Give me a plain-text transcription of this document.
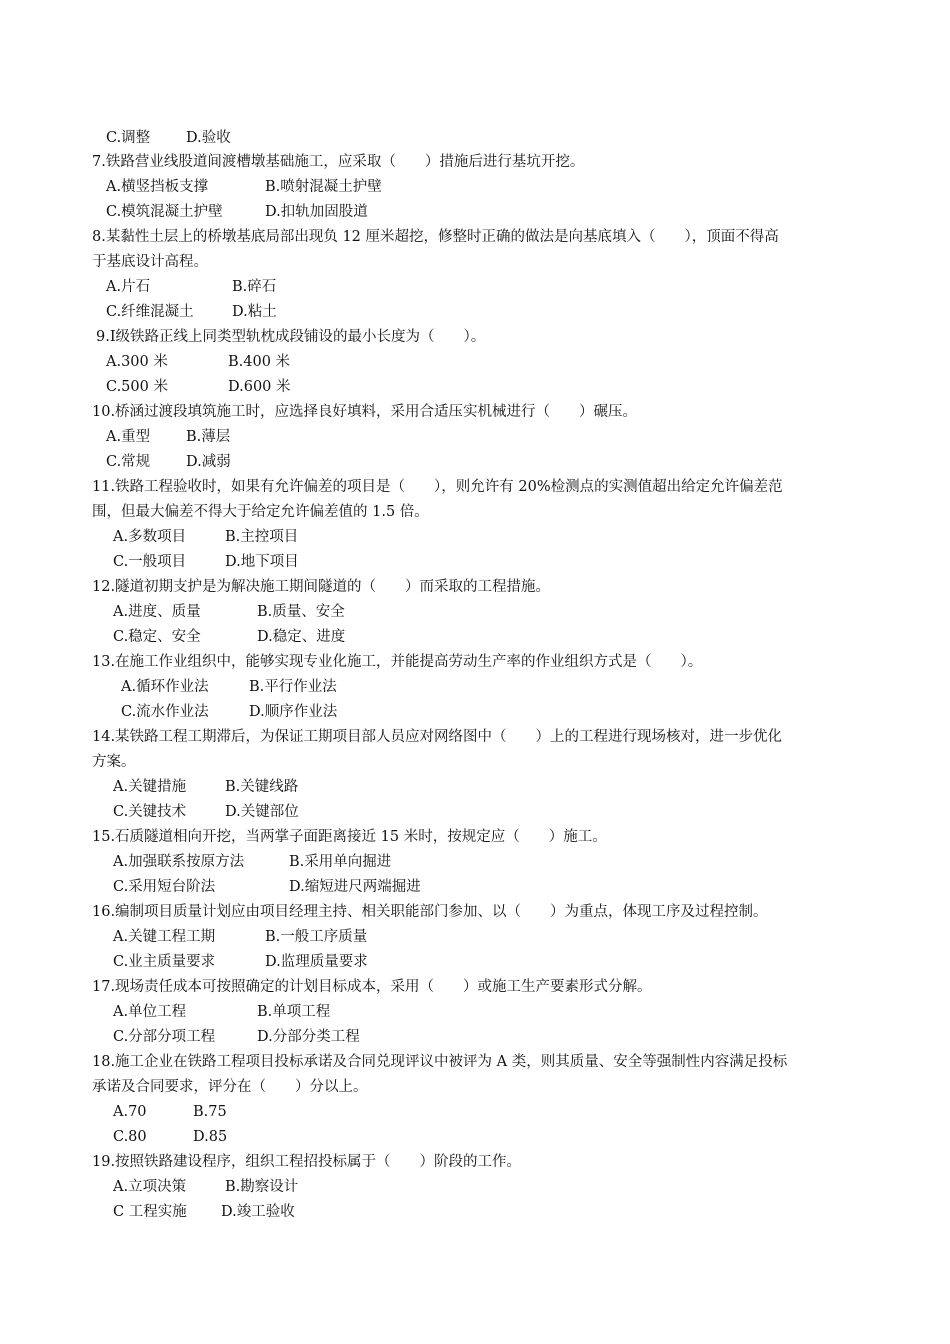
C.调整 D.验收
7.铁路营业线股道间渡槽墩基础施工，应采取（　　）措施后进行基坑开挖。
A.横竖挡板支撑	B.喷射混凝土护壁
C.模筑混凝土护壁	D.扣轨加固股道
8.某黏性土层上的桥墩基底局部出现负 12 厘米超挖，修整时正确的做法是向基底填入（　　），顶面不得高
于基底设计高程。
A.片石	B.碎石
C.纤维混凝土	D.粘土
9.Ⅰ级铁路正线上同类型轨枕成段铺设的最小长度为（　　）。
A.300 米	B.400 米
C.500 米	D.600 米
10.桥涵过渡段填筑施工时，应选择良好填料，采用合适压实机械进行（　　）碾压。
A.重型 B.薄层
C.常规 D.减弱
11.铁路工程验收时，如果有允许偏差的项目是（　　），则允许有 20%检测点的实测值超出给定允许偏差范
围，但最大偏差不得大于给定允许偏差值的 1.5 倍。
A.多数项目	B.主控项目
C.一般项目	D.地下项目
12.隧道初期支护是为解决施工期间隧道的（　　）而采取的工程措施。
A.进度、质量	B.质量、安全
C.稳定、安全	D.稳定、进度
13.在施工作业组织中，能够实现专业化施工，并能提高劳动生产率的作业组织方式是（　　）。
A.循环作业法	B.平行作业法
C.流水作业法	D.顺序作业法
14.某铁路工程工期滞后，为保证工期项目部人员应对网络图中（　　）上的工程进行现场核对，进一步优化
方案。
A.关键措施	B.关键线路
C.关键技术	D.关键部位
15.石质隧道相向开挖，当两掌子面距离接近 15 米时，按规定应（　　）施工。
A.加强联系按原方法	B.采用单向掘进
C.采用短台阶法	D.缩短进尺两端掘进
16.编制项目质量计划应由项目经理主持、相关职能部门参加、以（　　）为重点，体现工序及过程控制。
A.关键工程工期	B.一般工序质量
C.业主质量要求	D.监理质量要求
17.现场责任成本可按照确定的计划目标成本，采用（　　）或施工生产要素形式分解。
A.单位工程	B.单项工程
C.分部分项工程	D.分部分类工程
18.施工企业在铁路工程项目投标承诺及合同兑现评议中被评为 A 类，则其质量、安全等强制性内容满足投标
承诺及合同要求，评分在（　　）分以上。
A.70	B.75
C.80	D.85
19.按照铁路建设程序，组织工程招投标属于（　　）阶段的工作。
A.立项决策	B.勘察设计
C 工程实施 D.竣工验收
